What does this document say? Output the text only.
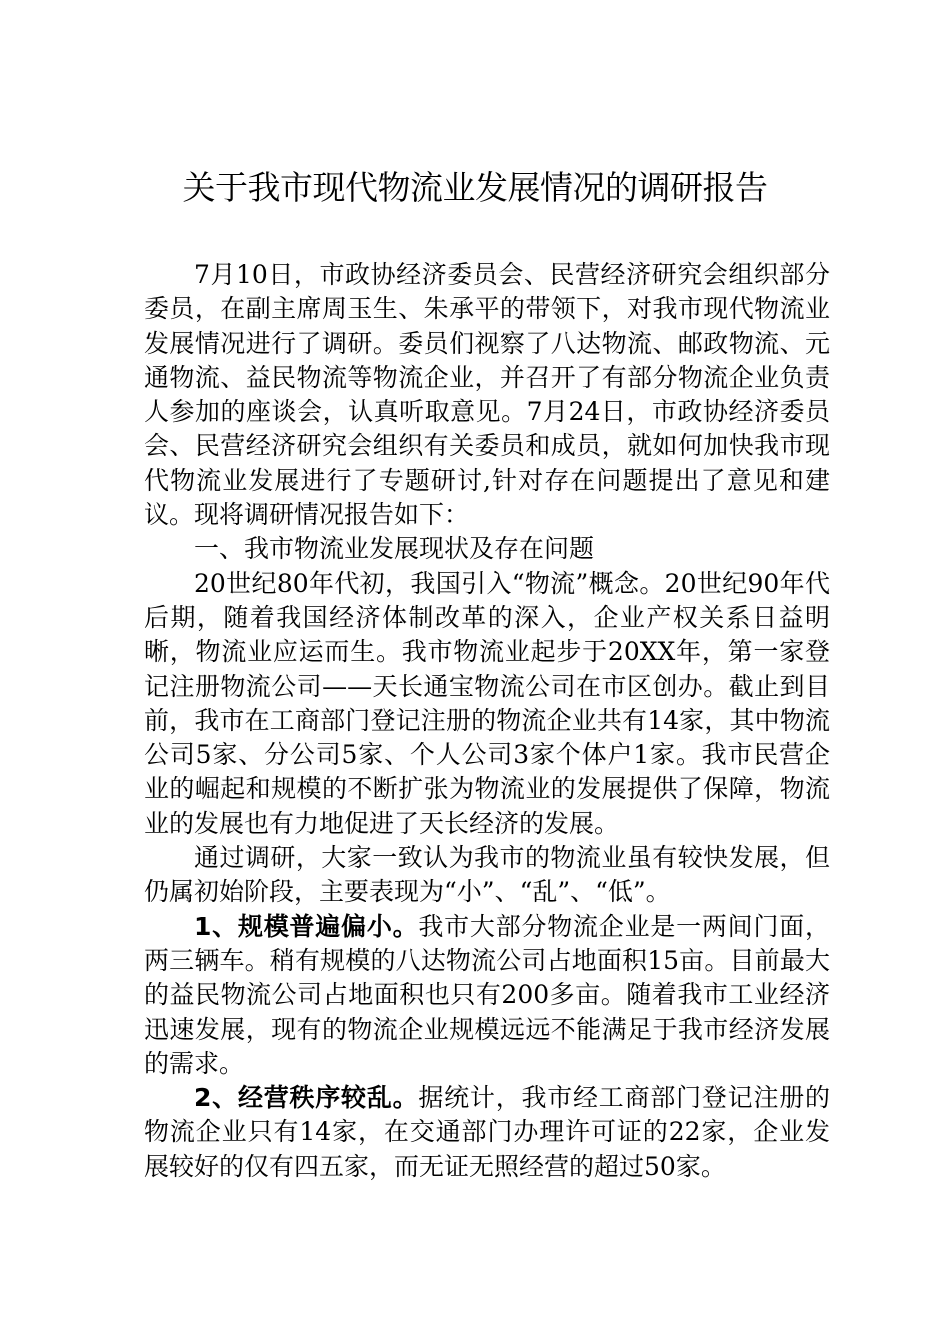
关于我市现代物流业发展情况的调研报告

7月10日，市政协经济委员会、民营经济研究会组织部分委员，在副主席周玉生、朱承平的带领下，对我市现代物流业发展情况进行了调研。委员们视察了八达物流、邮政物流、元通物流、益民物流等物流企业，并召开了有部分物流企业负责人参加的座谈会，认真听取意见。7月24日，市政协经济委员会、民营经济研究会组织有关委员和成员，就如何加快我市现代物流业发展进行了专题研讨,针对存在问题提出了意见和建议。现将调研情况报告如下：

一、我市物流业发展现状及存在问题

20世纪80年代初，我国引入“物流”概念。20世纪90年代后期，随着我国经济体制改革的深入，企业产权关系日益明晰，物流业应运而生。我市物流业起步于20XX年，第一家登记注册物流公司——天长通宝物流公司在市区创办。截止到目前，我市在工商部门登记注册的物流企业共有14家，其中物流公司5家、分公司5家、个人公司3家个体户1家。我市民营企业的崛起和规模的不断扩张为物流业的发展提供了保障，物流业的发展也有力地促进了天长经济的发展。

通过调研，大家一致认为我市的物流业虽有较快发展，但仍属初始阶段，主要表现为“小”、“乱”、“低”。

1、规模普遍偏小。我市大部分物流企业是一两间门面，两三辆车。稍有规模的八达物流公司占地面积15亩。目前最大的益民物流公司占地面积也只有200多亩。随着我市工业经济迅速发展，现有的物流企业规模远远不能满足于我市经济发展的需求。

2、经营秩序较乱。据统计，我市经工商部门登记注册的物流企业只有14家，在交通部门办理许可证的22家，企业发展较好的仅有四五家，而无证无照经营的超过50家。
